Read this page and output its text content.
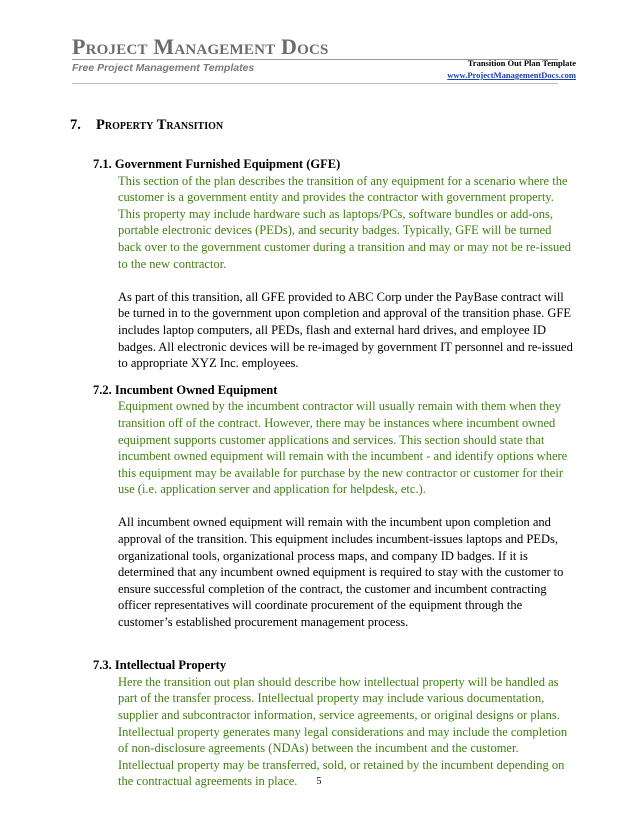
Project Management Docs
Free Project Management Templates	Transition Out Plan Template
www.ProjectManagementDocs.com
7. Property Transition
7.1. Government Furnished Equipment (GFE)

This section of the plan describes the transition of any equipment for a scenario where the customer is a government entity and provides the contractor with government property. This property may include hardware such as laptops/PCs, software bundles or add-ons, portable electronic devices (PEDs), and security badges. Typically, GFE will be turned back over to the government customer during a transition and may or may not be re-issued to the new contractor.

As part of this transition, all GFE provided to ABC Corp under the PayBase contract will be turned in to the government upon completion and approval of the transition phase. GFE includes laptop computers, all PEDs, flash and external hard drives, and employee ID badges. All electronic devices will be re-imaged by government IT personnel and re-issued to appropriate XYZ Inc. employees.

7.2. Incumbent Owned Equipment

Equipment owned by the incumbent contractor will usually remain with them when they transition off of the contract. However, there may be instances where incumbent owned equipment supports customer applications and services. This section should state that incumbent owned equipment will remain with the incumbent - and identify options where this equipment may be available for purchase by the new contractor or customer for their use (i.e. application server and application for helpdesk, etc.).

All incumbent owned equipment will remain with the incumbent upon completion and approval of the transition. This equipment includes incumbent-issues laptops and PEDs, organizational tools, organizational process maps, and company ID badges. If it is determined that any incumbent owned equipment is required to stay with the customer to ensure successful completion of the contract, the customer and incumbent contracting officer representatives will coordinate procurement of the equipment through the customer’s established procurement management process.

7.3. Intellectual Property

Here the transition out plan should describe how intellectual property will be handled as part of the transfer process. Intellectual property may include various documentation, supplier and subcontractor information, service agreements, or original designs or plans. Intellectual property generates many legal considerations and may include the completion of non-disclosure agreements (NDAs) between the incumbent and the customer. Intellectual property may be transferred, sold, or retained by the incumbent depending on the contractual agreements in place.	5
